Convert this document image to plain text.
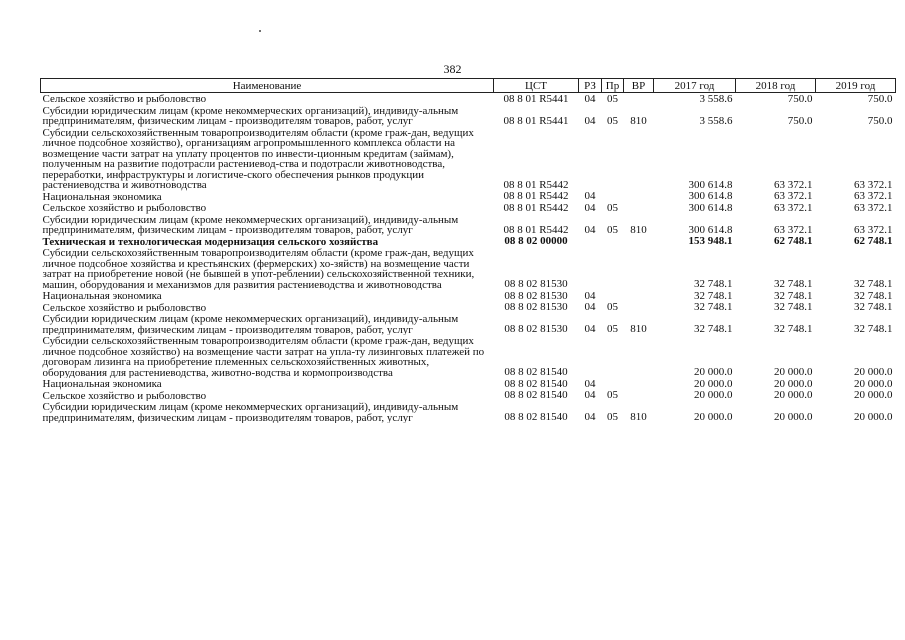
382
Наименование	ЦСТ	РЗ	Пр	ВР	2017 год	2018 год	2019 год
Сельское хозяйство и рыболовство	08 8 01 R5441	04	05		3 558.6	750.0	750.0
Субсидии юридическим лицам (кроме некоммерческих организаций), индивиду-альным предпринимателям, физическим лицам - производителям товаров, работ, услуг	08 8 01 R5441	04	05	810	3 558.6	750.0	750.0
Субсидии сельскохозяйственным товаропроизводителям области (кроме граж-дан, ведущих личное подсобное хозяйство), организациям агропромышленного комплекса области на возмещение части затрат на уплату процентов по инвести-ционным кредитам (займам), полученным на развитие подотрасли растениевод-ства и подотрасли животноводства, переработки, инфраструктуры и логистиче-ского обеспечения рынков продукции растениеводства и животноводства	08 8 01 R5442				300 614.8	63 372.1	63 372.1
Национальная экономика	08 8 01 R5442	04			300 614.8	63 372.1	63 372.1
Сельское хозяйство и рыболовство	08 8 01 R5442	04	05		300 614.8	63 372.1	63 372.1
Субсидии юридическим лицам (кроме некоммерческих организаций), индивиду-альным предпринимателям, физическим лицам - производителям товаров, работ, услуг	08 8 01 R5442	04	05	810	300 614.8	63 372.1	63 372.1
Техническая и технологическая модернизация сельского хозяйства	08 8 02 00000				153 948.1	62 748.1	62 748.1
Субсидии сельскохозяйственным товаропроизводителям области (кроме граж-дан, ведущих личное подсобное хозяйства и крестьянских (фермерских) хо-зяйств) на возмещение части затрат на приобретение новой (не бывшей в упот-реблении) сельскохозяйственной техники, машин, оборудования и механизмов для развития растениеводства и животноводства	08 8 02 81530				32 748.1	32 748.1	32 748.1
Национальная экономика	08 8 02 81530	04			32 748.1	32 748.1	32 748.1
Сельское хозяйство и рыболовство	08 8 02 81530	04	05		32 748.1	32 748.1	32 748.1
Субсидии юридическим лицам (кроме некоммерческих организаций), индивиду-альным предпринимателям, физическим лицам - производителям товаров, работ, услуг	08 8 02 81530	04	05	810	32 748.1	32 748.1	32 748.1
Субсидии сельскохозяйственным товаропроизводителям области (кроме граж-дан, ведущих личное подсобное хозяйство) на возмещение части затрат на упла-ту лизинговых платежей по договорам лизинга на приобретение племенных сельскохозяйственных животных, оборудования для растениеводства, животно-водства и кормопроизводства	08 8 02 81540				20 000.0	20 000.0	20 000.0
Национальная экономика	08 8 02 81540	04			20 000.0	20 000.0	20 000.0
Сельское хозяйство и рыболовство	08 8 02 81540	04	05		20 000.0	20 000.0	20 000.0
Субсидии юридическим лицам (кроме некоммерческих организаций), индивиду-альным предпринимателям, физическим лицам - производителям товаров, работ, услуг	08 8 02 81540	04	05	810	20 000.0	20 000.0	20 000.0
